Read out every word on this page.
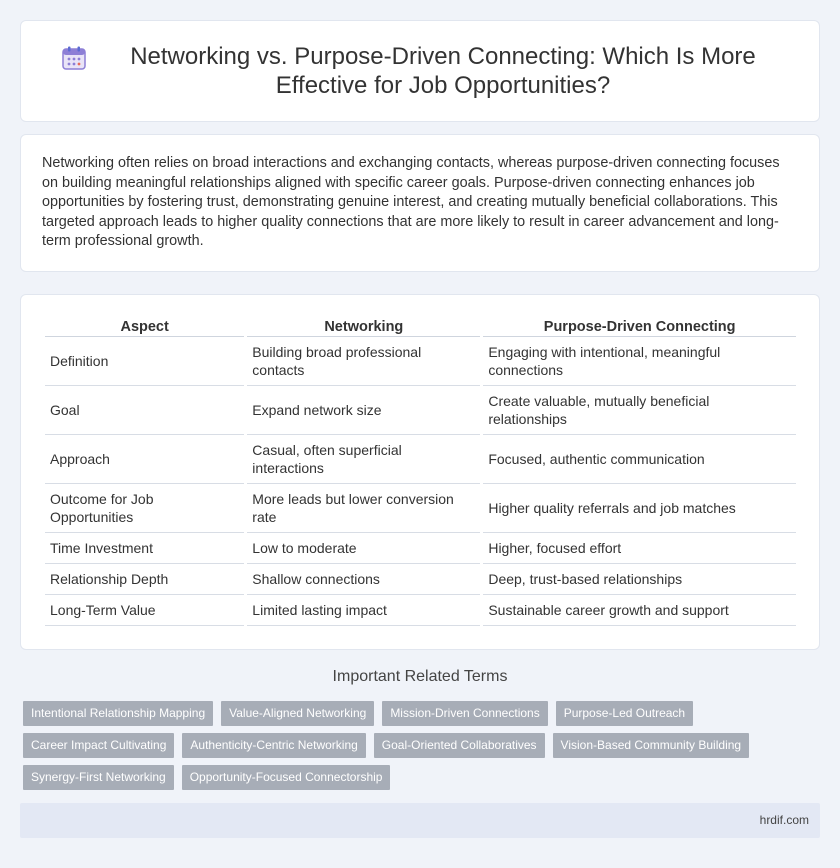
Networking vs. Purpose-Driven Connecting: Which Is More Effective for Job Opportunities?

Networking often relies on broad interactions and exchanging contacts, whereas purpose-driven connecting focuses on building meaningful relationships aligned with specific career goals. Purpose-driven connecting enhances job opportunities by fostering trust, demonstrating genuine interest, and creating mutually beneficial collaborations. This targeted approach leads to higher quality connections that are more likely to result in career advancement and long-term professional growth.

Aspect	Networking	Purpose-Driven Connecting
Definition	Building broad professional contacts	Engaging with intentional, meaningful connections
Goal	Expand network size	Create valuable, mutually beneficial relationships
Approach	Casual, often superficial interactions	Focused, authentic communication
Outcome for Job Opportunities	More leads but lower conversion rate	Higher quality referrals and job matches
Time Investment	Low to moderate	Higher, focused effort
Relationship Depth	Shallow connections	Deep, trust-based relationships
Long-Term Value	Limited lasting impact	Sustainable career growth and support
Important Related Terms
Intentional Relationship Mapping	Value-Aligned Networking	Mission-Driven Connections	Purpose-Led Outreach
Career Impact Cultivating	Authenticity-Centric Networking	Goal-Oriented Collaboratives	Vision-Based Community Building
Synergy-First Networking	Opportunity-Focused Connectorship
hrdif.com
